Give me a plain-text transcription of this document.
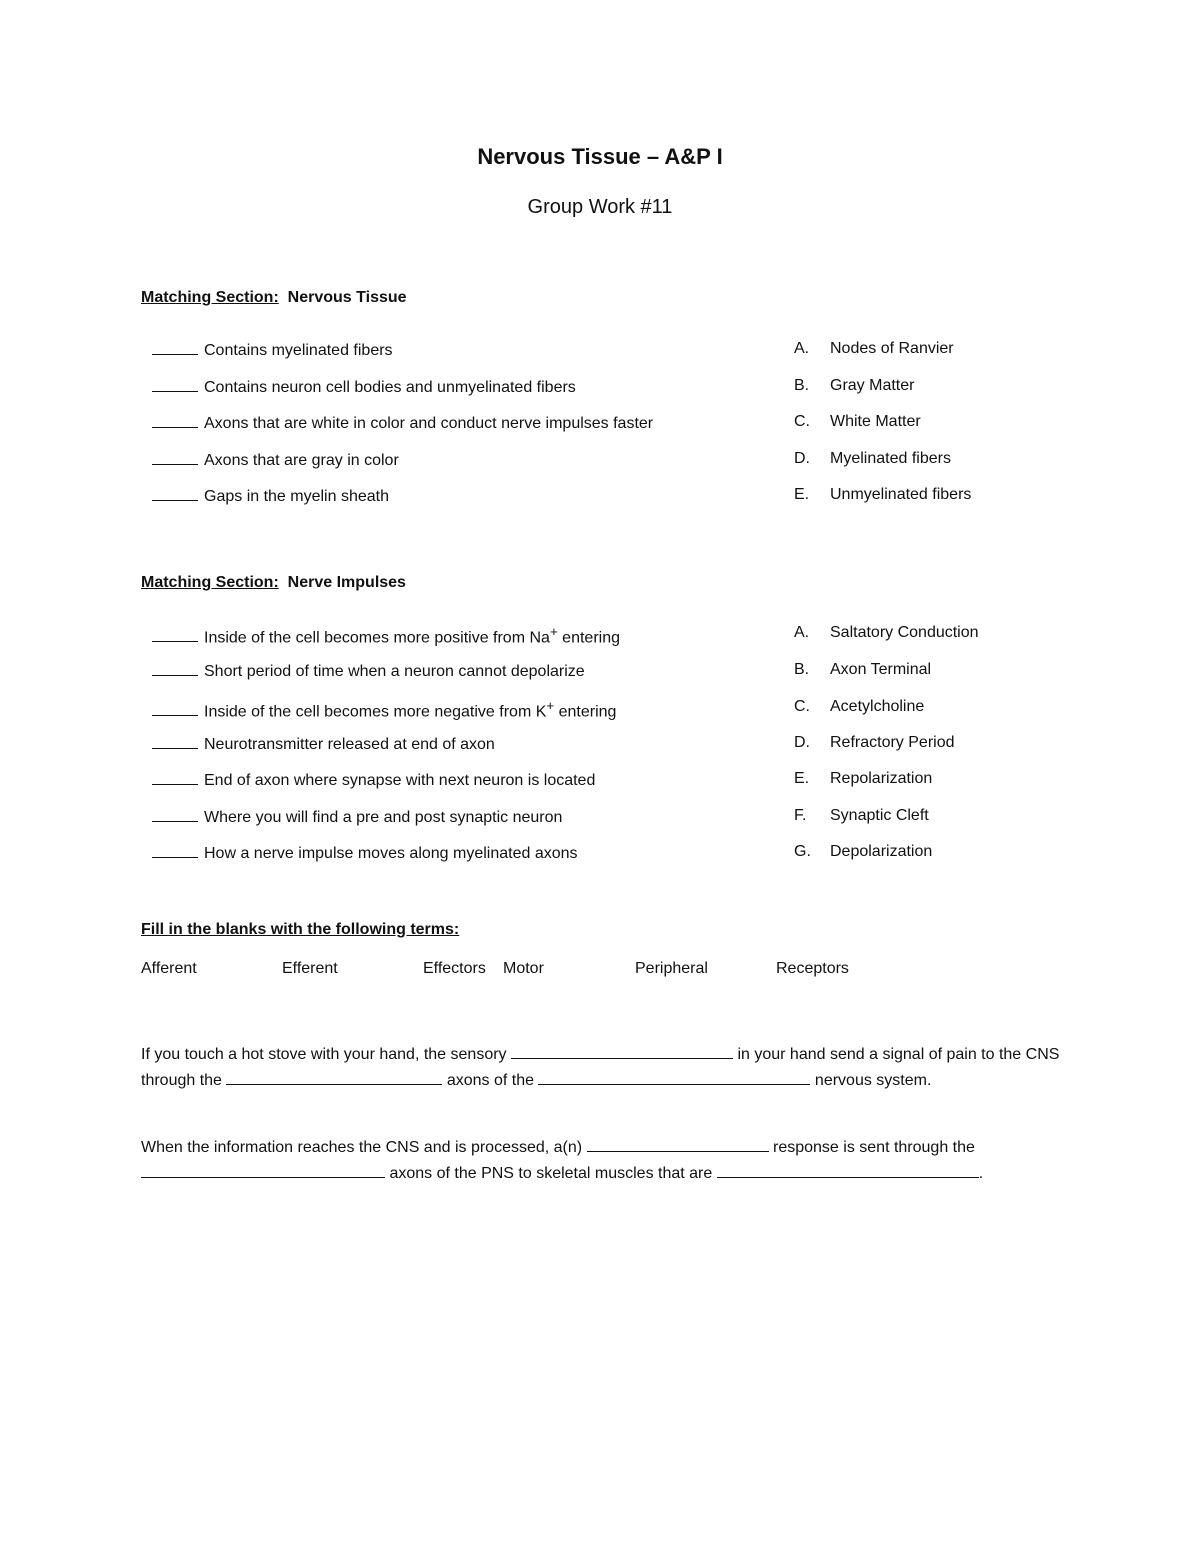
Nervous Tissue – A&P I
Group Work #11
Matching Section: Nervous Tissue
Contains myelinated fibers	A. Nodes of Ranvier
Contains neuron cell bodies and unmyelinated fibers	B. Gray Matter
Axons that are white in color and conduct nerve impulses faster	C. White Matter
Axons that are gray in color	D. Myelinated fibers
Gaps in the myelin sheath	E. Unmyelinated fibers
Matching Section: Nerve Impulses
Inside of the cell becomes more positive from Na+ entering	A. Saltatory Conduction
Short period of time when a neuron cannot depolarize	B. Axon Terminal
Inside of the cell becomes more negative from K+ entering	C. Acetylcholine
Neurotransmitter released at end of axon	D. Refractory Period
End of axon where synapse with next neuron is located	E. Repolarization
Where you will find a pre and post synaptic neuron	F. Synaptic Cleft
How a nerve impulse moves along myelinated axons	G. Depolarization
Fill in the blanks with the following terms:
Afferent	Efferent	Effectors Motor	Peripheral	Receptors
If you touch a hot stove with your hand, the sensory	in your hand send a signal of pain to the CNS through the	axons of the	nervous system.
When the information reaches the CNS and is processed, a(n)	response is sent through the  axons of the PNS to skeletal muscles that are	.
